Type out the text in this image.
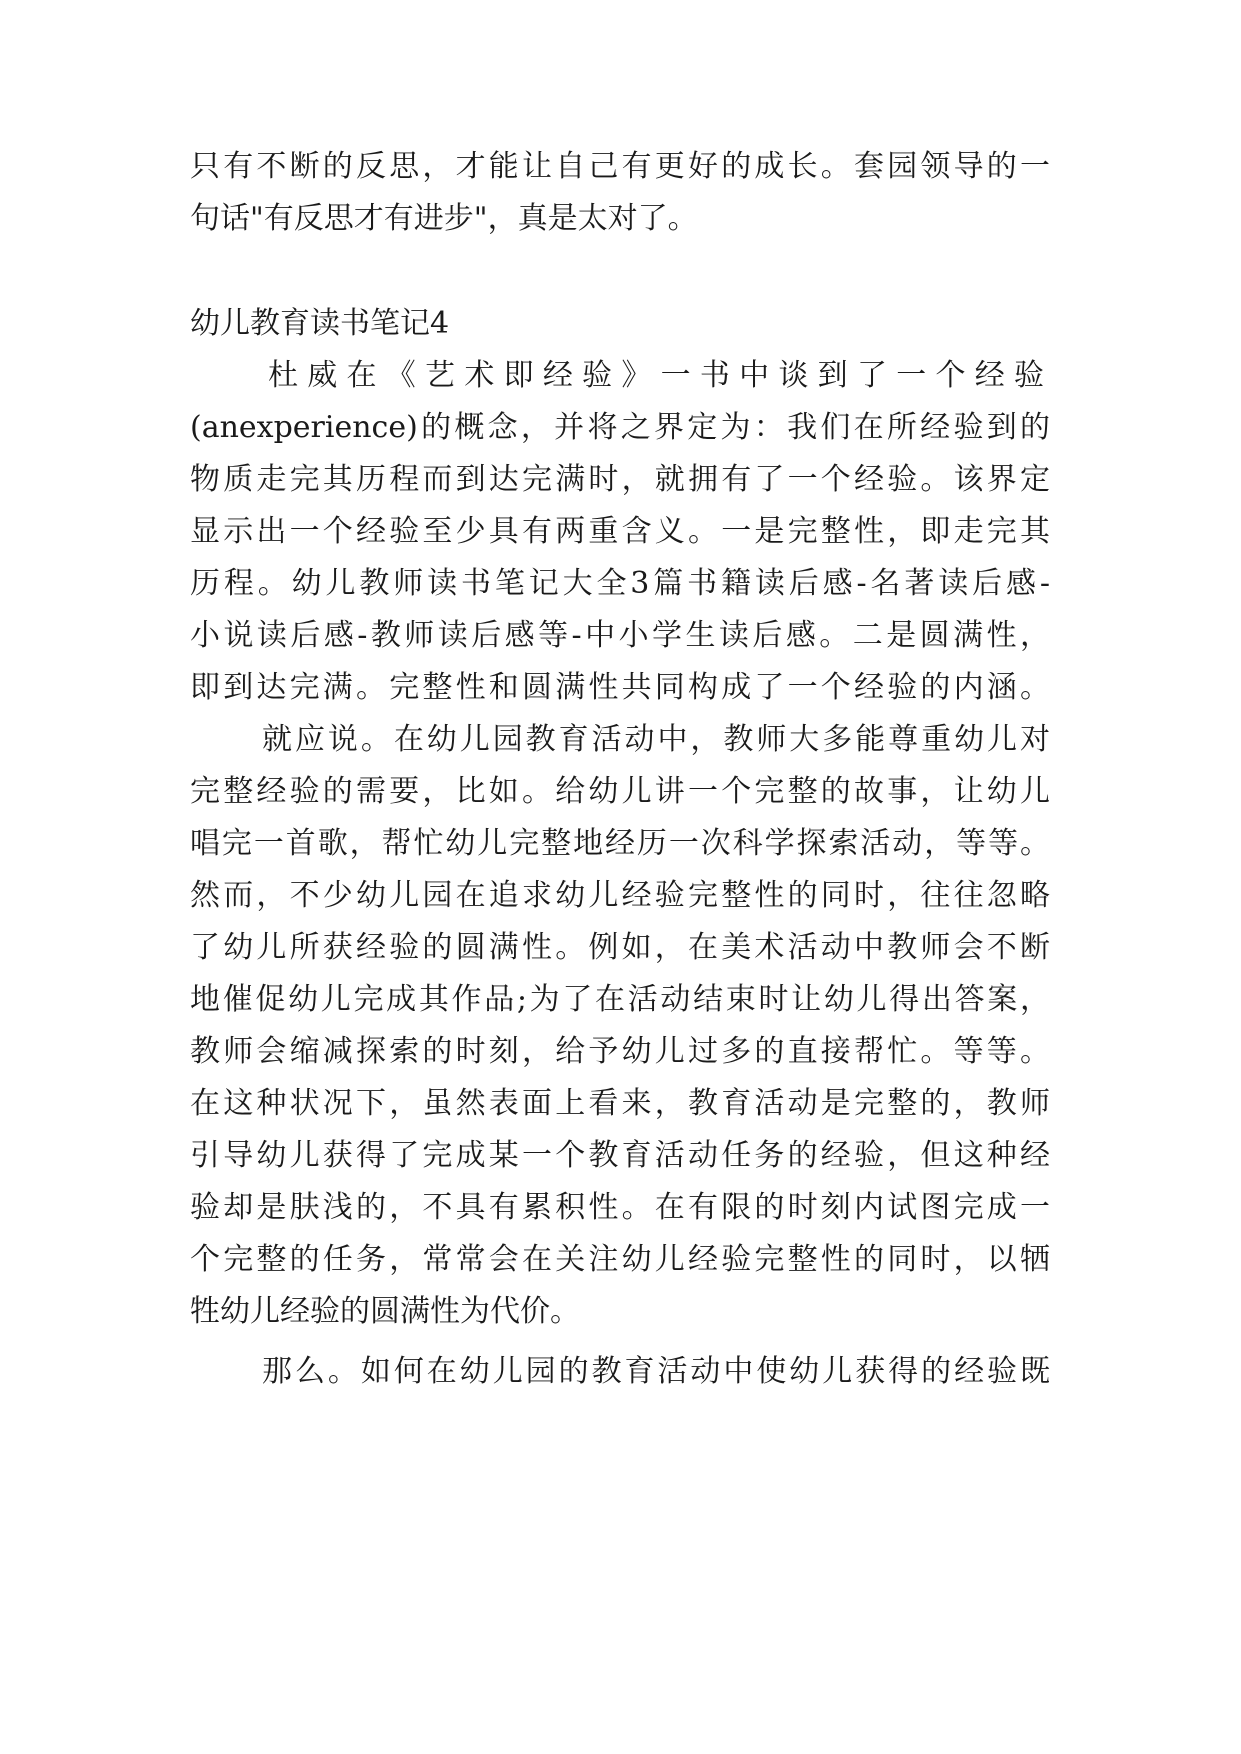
只有不断的反思，才能让自己有更好的成长。套园领导的一
句话"有反思才有进步"，真是太对了。
幼儿教育读书笔记4
杜威在《艺术即经验》一书中谈到了一个经验
(anexperience)的概念，并将之界定为：我们在所经验到的
物质走完其历程而到达完满时，就拥有了一个经验。该界定
显示出一个经验至少具有两重含义。一是完整性，即走完其
历程。幼儿教师读书笔记大全3篇书籍读后感-名著读后感-
小说读后感-教师读后感等-中小学生读后感。二是圆满性，
即到达完满。完整性和圆满性共同构成了一个经验的内涵。
就应说。在幼儿园教育活动中，教师大多能尊重幼儿对
完整经验的需要，比如。给幼儿讲一个完整的故事，让幼儿
唱完一首歌，帮忙幼儿完整地经历一次科学探索活动，等等。
然而，不少幼儿园在追求幼儿经验完整性的同时，往往忽略
了幼儿所获经验的圆满性。例如，在美术活动中教师会不断
地催促幼儿完成其作品;为了在活动结束时让幼儿得出答案，
教师会缩减探索的时刻，给予幼儿过多的直接帮忙。等等。
在这种状况下，虽然表面上看来，教育活动是完整的，教师
引导幼儿获得了完成某一个教育活动任务的经验，但这种经
验却是肤浅的，不具有累积性。在有限的时刻内试图完成一
个完整的任务，常常会在关注幼儿经验完整性的同时，以牺
牲幼儿经验的圆满性为代价。
那么。如何在幼儿园的教育活动中使幼儿获得的经验既
